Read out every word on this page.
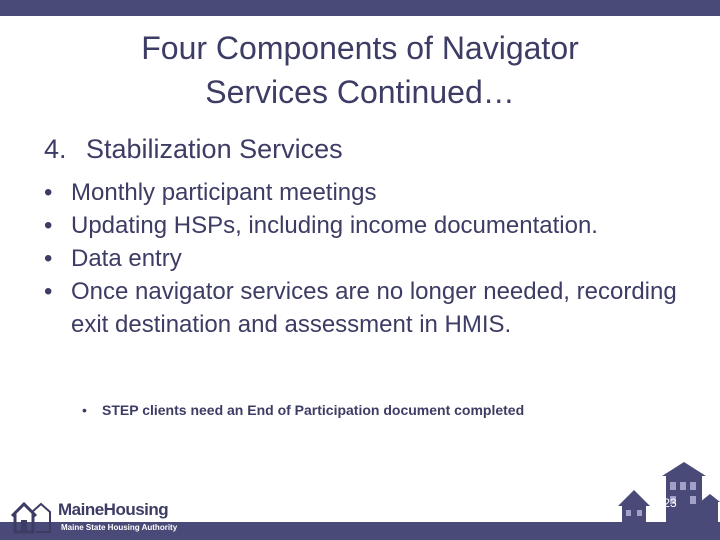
Four Components of Navigator
Services Continued…
4. Stabilization Services
• Monthly participant meetings
• Updating HSPs, including income documentation.
• Data entry
• Once navigator services are no longer needed, recording exit destination and assessment in HMIS.
• STEP clients need an End of Participation document completed
23
MaineHousing
Maine State Housing Authority
